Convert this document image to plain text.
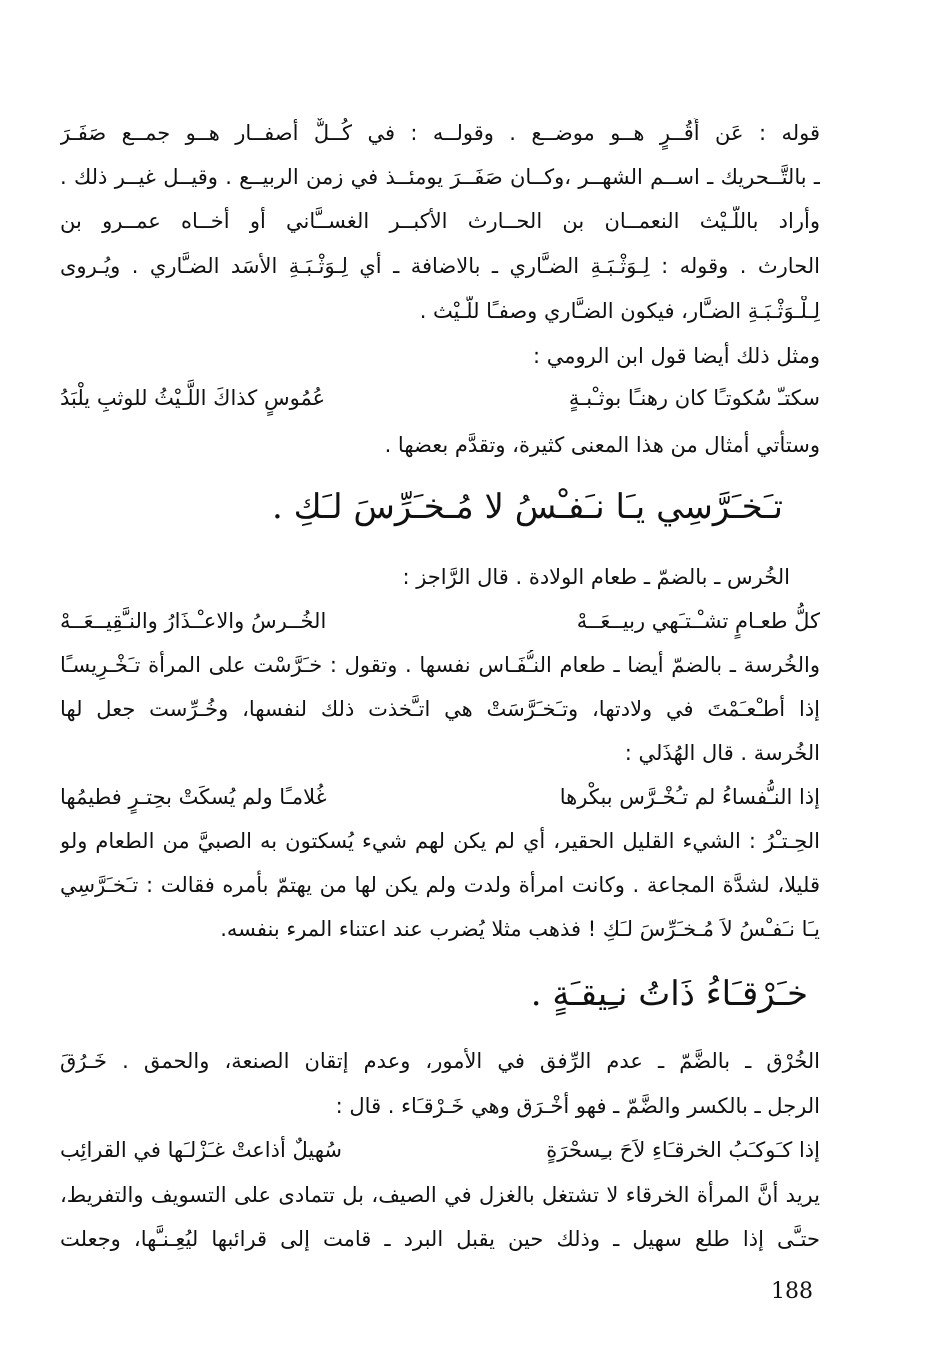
قوله : عَن أَقُــرٍ هــو موضــع . وقولــه : في كُــلٌّ أصفــار هــو جمــع صَفَـرَ
ـ بالتَّــحريك ـ اســم الشهــر ،وكــان صَفَــرَ يومئــذ في زمن الربيــع . وقيــل غيــر ذلك .
وأراد باللَّـيْث النعمــان بن الحــارث الأكبــر الغســَّاني أو أخــاه عمــرو بن
الحارث . وقوله : لِـوَثْـبَـةِ الضـَّاري ـ بالاضافة ـ أي لِـوَثْـبَـةِ الأسَد الضـَّاري . ويُـروى
لِـلْـوَثْـبَـةِ الضـَّار، فيكون الضـَّاري وصفـًا للَّـيْث .
ومثل ذلك أيضا قول ابن الرومي :
سكتـّ سُكوتـًا كان رهنـًا بوثـْبـةٍ
عُمُوسٍ كذاكَ اللَّـيْثُ للوثبِ يلْبَدُ
وستأتي أمثال من هذا المعنى كثيرة، وتقدَّم بعضها .
تـَخـَرَّسِي يـَا نـَفـْسُ لا مُـخـَرِّسَ لـَكِ .
الخُرس ـ بالضمّ ـ طعام الولادة . قال الرَّاجز :
كلُّ طعـامٍ تشـْـتـَهي ربيــعَــهْ
الخُــرسُ والاعـْـذَارُ والنـَّقِيــعَــهْ
والخُرسة ـ بالضمّ أيضا ـ طعام النـُّفَـاس نفسها . وتقول : خـَرَّسْت على المرأة تـَخْـرِيسـًا
إذا أطـْعـَمْتَ في ولادتها، وتـَخـَرَّسَتْ هي اتـَّخذت ذلك لنفسها، وخُـرِّست جعل لها
الخُرسة . قال الهُذَلي :
إذا النـُّفساءُ لم تـُخْـرَّس ببكْرها
غُلامـًا ولم يُسكَتْ بحِتـرٍ فطيمُها
الحِـتـْرُ : الشيء القليل الحقير، أي لم يكن لهم شيء يُسكتون به الصبيَّ من الطعام ولو
قليلا، لشدَّة المجاعة . وكانت امرأة ولدت ولم يكن لها من يهتمّ بأمره فقالت : تـَخـَرَّسِي
يـَا نـَفـْسُ لاَ مُـخـَرِّسَ لـَكِ ! فذهب مثلا يُضرب عند اعتناء المرء بنفسه.
خـَرْقـَاءُ ذَاتُ نـِيقـَةٍ .
الخُرْق ـ بالضَّمّ ـ عدم الرِّفق في الأمور، وعدم إتقان الصنعة، والحمق . خَـرُقَ
الرجل ـ بالكسر والضَّمّ ـ فهو أخْـرَق وهي خَـرْقـَاء . قال :
إذا كـَوكـَبُ الخرقـَاءِ لاَحَ بـِسحْرَةٍ
سُهيلٌ أذاعتْ غـَزْلـَها في القرائِب
يريد أنَّ المرأة الخرقاء لا تشتغل بالغزل في الصيف، بل تتمادى على التسويف والتفريط،
حتـَّى إذا طلع سهيل ـ وذلك حين يقبل البرد ـ قامت إلى قرائبها ليُعِـنـَّها، وجعلت
188
